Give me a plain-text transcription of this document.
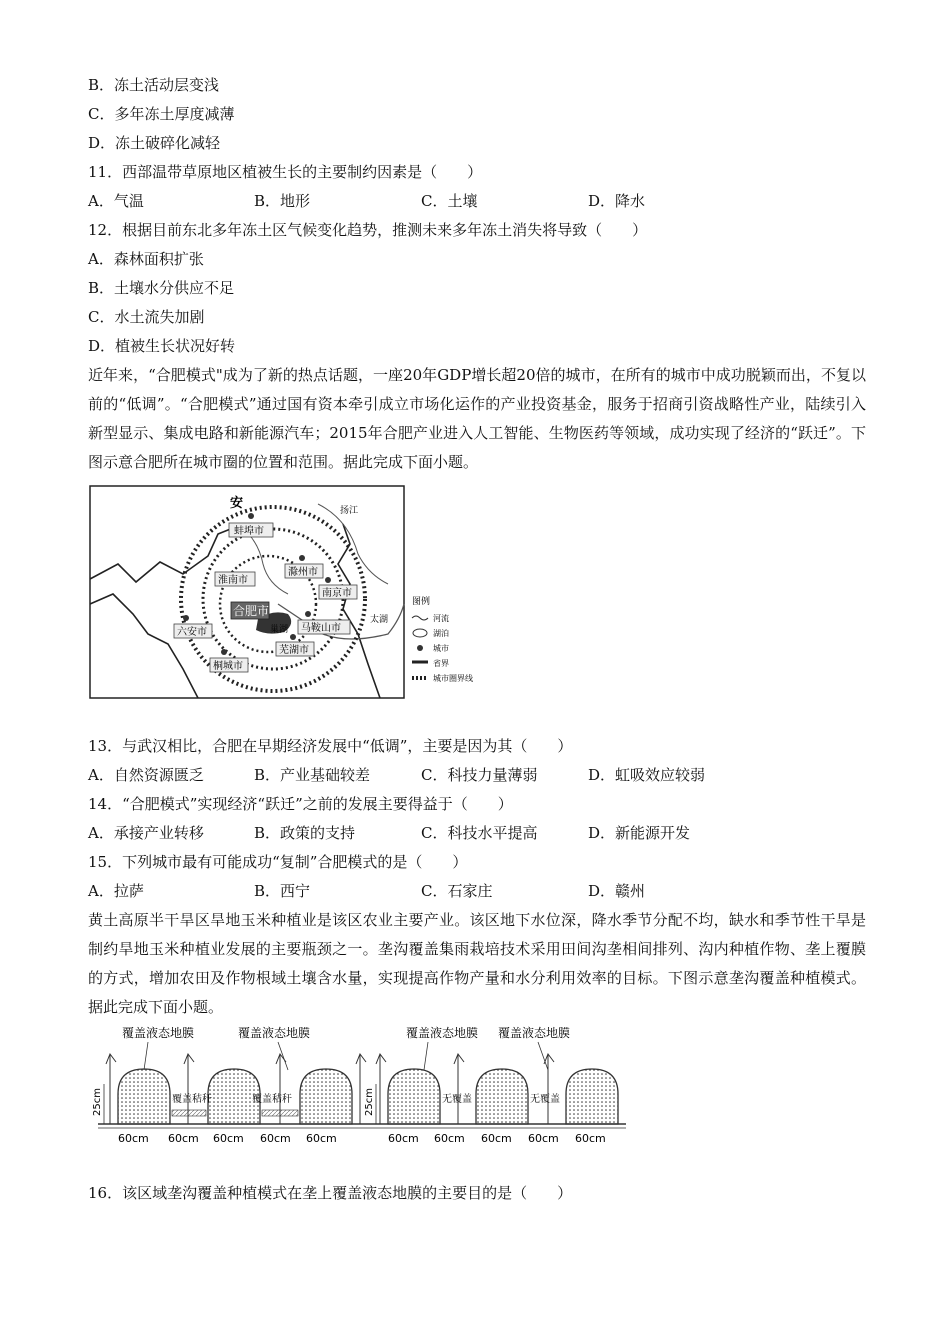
B．冻土活动层变浅
C．多年冻土厚度减薄
D．冻土破碎化减轻
11．西部温带草原地区植被生长的主要制约因素是（　　）
A．气温	B．地形	C．土壤	D．降水
12．根据目前东北多年冻土区气候变化趋势，推测未来多年冻土消失将导致（　　）
A．森林面积扩张
B．土壤水分供应不足
C．水土流失加剧
D．植被生长状况好转
近年来，“合肥模式"成为了新的热点话题，一座20年GDP增长超20倍的城市，在所有的城市中成功脱颖而出，不复以前的“低调”。“合肥模式”通过国有资本牵引成立市场化运作的产业投资基金，服务于招商引资战略性产业，陆续引入新型显示、集成电路和新能源汽车；2015年合肥产业进入人工智能、生物医药等领域，成功实现了经济的“跃迁”。下图示意合肥所在城市圈的位置和范围。据此完成下面小题。
蚌埠市
滁州市
淮南市
合肥市
南京市
六安市	马鞍山市
芜湖市
桐城市
巢湖
扬江
太湖
安
图例
河流
湖泊
城市
省界
城市圈界线
13．与武汉相比，合肥在早期经济发展中“低调”，主要是因为其（　　）
A．自然资源匮乏	B．产业基础较差	C．科技力量薄弱	D．虹吸效应较弱
14．“合肥模式”实现经济“跃迁”之前的发展主要得益于（　　）
A．承接产业转移	B．政策的支持	C．科技水平提高	D．新能源开发
15．下列城市最有可能成功“复制”合肥模式的是（　　）
A．拉萨	B．西宁	C．石家庄	D．赣州
黄土高原半干旱区旱地玉米种植业是该区农业主要产业。该区地下水位深，降水季节分配不均，缺水和季节性干旱是制约旱地玉米种植业发展的主要瓶颈之一。垄沟覆盖集雨栽培技术采用田间沟垄相间排列、沟内种植作物、垄上覆膜的方式，增加农田及作物根域土壤含水量，实现提高作物产量和水分利用效率的目标。下图示意垄沟覆盖种植模式。据此完成下面小题。
覆盖液态地膜	覆盖液态地膜
覆盖秸秆	覆盖秸秆
25cm
60cm 60cm 60cm 60cm 60cm
覆盖液态地膜 覆盖液态地膜
无覆盖	无覆盖
25cm
60cm 60cm 60cm 60cm 60cm
16．该区域垄沟覆盖种植模式在垄上覆盖液态地膜的主要目的是（　　）
